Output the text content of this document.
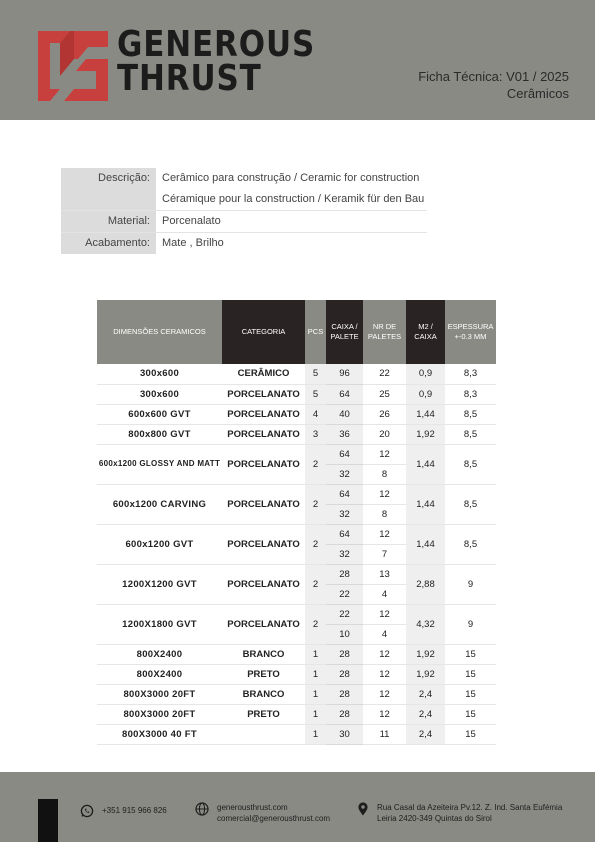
GENEROUS
THRUST	Ficha Técnica: V01 / 2025
Cerâmicos
Descrição: Cerâmico para construção / Ceramic for construction
Céramique pour la construction / Keramik für den Bau
Material: Porcenalato
Acabamento: Mate , Brilho
DIMENSÕES CERAMICOS	CATEGORIA	PCS	CAIXA / PALETE	NR DE PALETES	M2 / CAIXA	ESPESSURA +-0.3 MM
300x600	CERÂMICO	5	96	22	0,9	8,3
300x600	PORCELANATO	5	64	25	0,9	8,3
600x600 GVT	PORCELANATO	4	40	26	1,44	8,5
800x800 GVT	PORCELANATO	3	36	20	1,92	8,5
600x1200 GLOSSY AND MATT	PORCELANATO	2	64	12	1,44	8,5
			32	8		
600x1200 CARVING	PORCELANATO	2	64	12	1,44	8,5
			32	8		
600x1200 GVT	PORCELANATO	2	64	12	1,44	8,5
			32	7		
1200X1200 GVT	PORCELANATO	2	28	13	2,88	9
			22	4		
1200X1800 GVT	PORCELANATO	2	22	12	4,32	9
			10	4		
800X2400	BRANCO	1	28	12	1,92	15
800X2400	PRETO	1	28	12	1,92	15
800X3000 20FT	BRANCO	1	28	12	2,4	15
800X3000 20FT	PRETO	1	28	12	2,4	15
800X3000 40 FT		1	30	11	2,4	15
+351 915 966 826	generousthrust.com
comercial@generousthrust.com
Rua Casal da Azeiteira Pv.12. Z. Ind. Santa Eufémia
Leiria 2420-349 Quintas do Sirol
